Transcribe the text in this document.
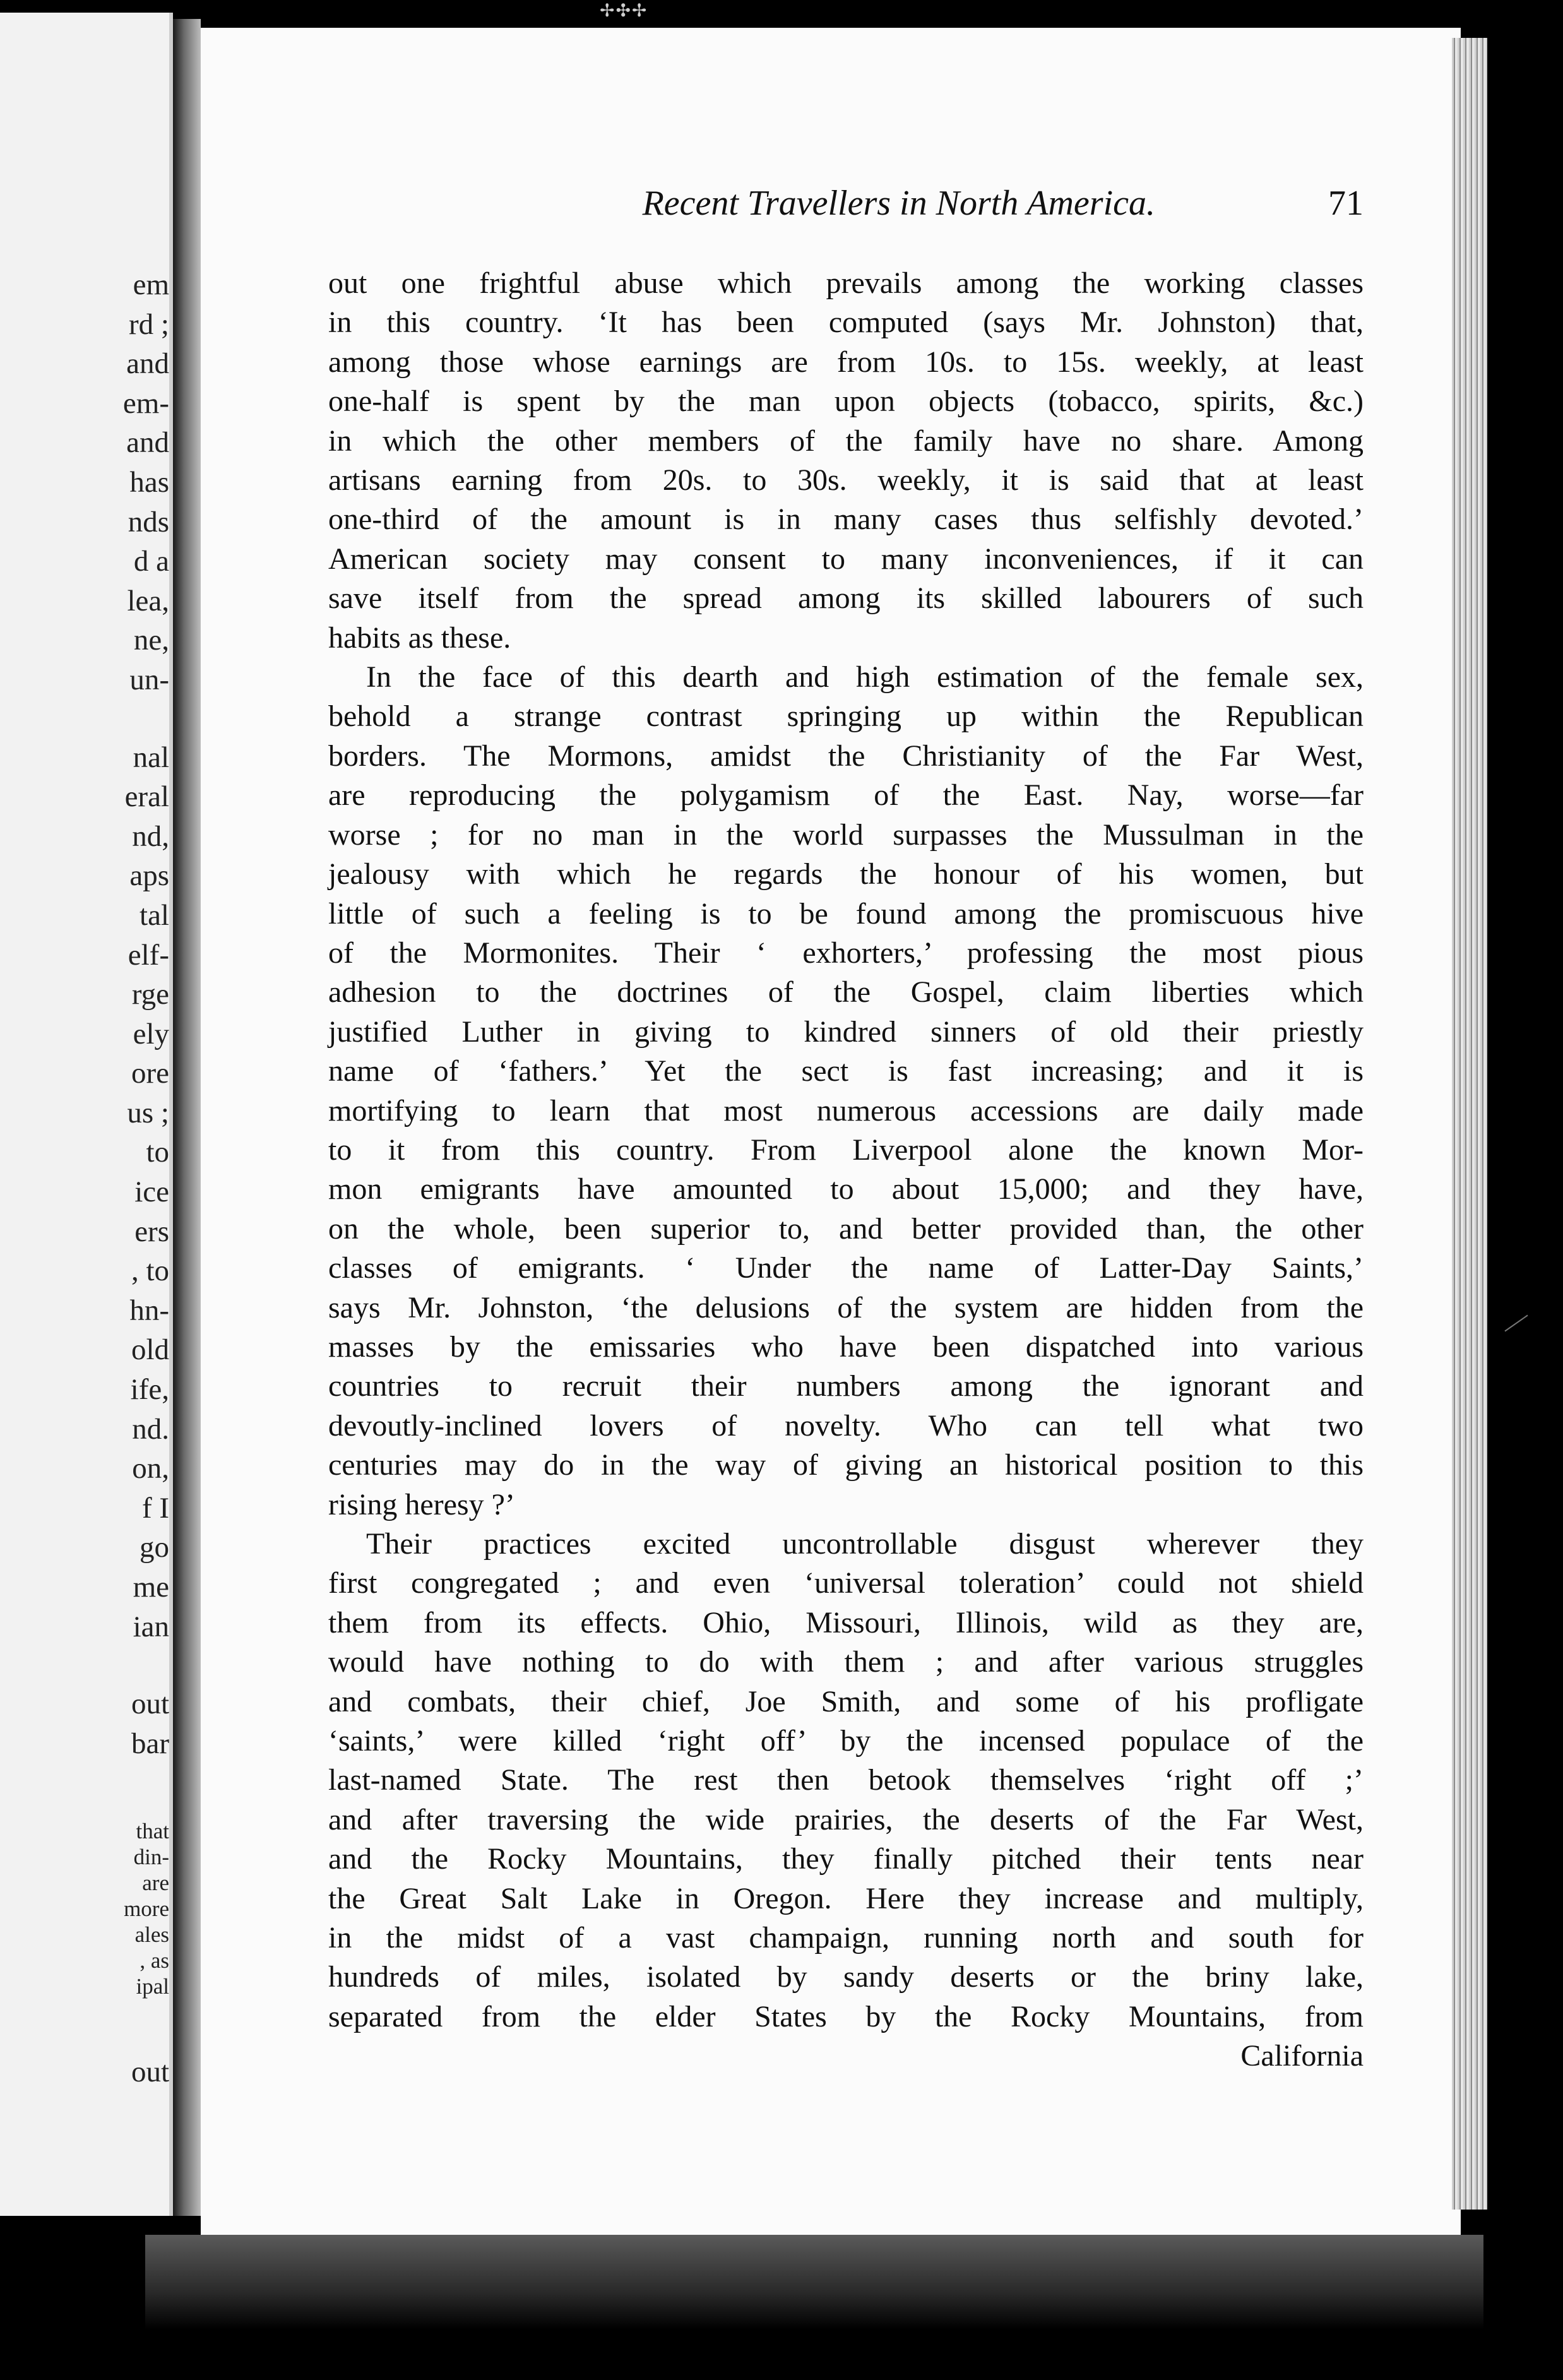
✢✣✢
em
rd ;
and
em-
and
has
nds
d a
lea,
ne,
un-
nal
eral
nd,
aps
tal
elf-
rge
ely
ore
us ;
to
ice
ers
, to
hn-
old
ife,
nd.
on,
f I
go
me
ian
out
bar
that
din-
are
more
ales
, as
ipal
out
Recent Travellers in North America.	71

out one frightful abuse which prevails among the working classes

in this country. ‘It has been computed (says Mr. Johnston) that,

among those whose earnings are from 10s. to 15s. weekly, at least

one-half is spent by the man upon objects (tobacco, spirits, &c.)

in which the other members of the family have no share. Among

artisans earning from 20s. to 30s. weekly, it is said that at least

one-third of the amount is in many cases thus selfishly devoted.’

American society may consent to many inconveniences, if it can

save itself from the spread among its skilled labourers of such

habits as these.

In the face of this dearth and high estimation of the female sex,

behold a strange contrast springing up within the Republican

borders. The Mormons, amidst the Christianity of the Far West,

are reproducing the polygamism of the East. Nay, worse—far

worse ; for no man in the world surpasses the Mussulman in the

jealousy with which he regards the honour of his women, but

little of such a feeling is to be found among the promiscuous hive

of the Mormonites. Their ‘ exhorters,’ professing the most pious

adhesion to the doctrines of the Gospel, claim liberties which

justified Luther in giving to kindred sinners of old their priestly

name of ‘fathers.’ Yet the sect is fast increasing; and it is

mortifying to learn that most numerous accessions are daily made

to it from this country. From Liverpool alone the known Mor-

mon emigrants have amounted to about 15,000; and they have,

on the whole, been superior to, and better provided than, the other

classes of emigrants. ‘ Under the name of Latter-Day Saints,’

says Mr. Johnston, ‘the delusions of the system are hidden from the

masses by the emissaries who have been dispatched into various

countries to recruit their numbers among the ignorant and

devoutly-inclined lovers of novelty. Who can tell what two

centuries may do in the way of giving an historical position to this

rising heresy ?’

Their practices excited uncontrollable disgust wherever they

first congregated ; and even ‘universal toleration’ could not shield

them from its effects. Ohio, Missouri, Illinois, wild as they are,

would have nothing to do with them ; and after various struggles

and combats, their chief, Joe Smith, and some of his profligate

‘saints,’ were killed ‘right off’ by the incensed populace of the

last-named State. The rest then betook themselves ‘right off ;’

and after traversing the wide prairies, the deserts of the Far West,

and the Rocky Mountains, they finally pitched their tents near

the Great Salt Lake in Oregon. Here they increase and multiply,

in the midst of a vast champaign, running north and south for

hundreds of miles, isolated by sandy deserts or the briny lake,

separated from the elder States by the Rocky Mountains, from

California
